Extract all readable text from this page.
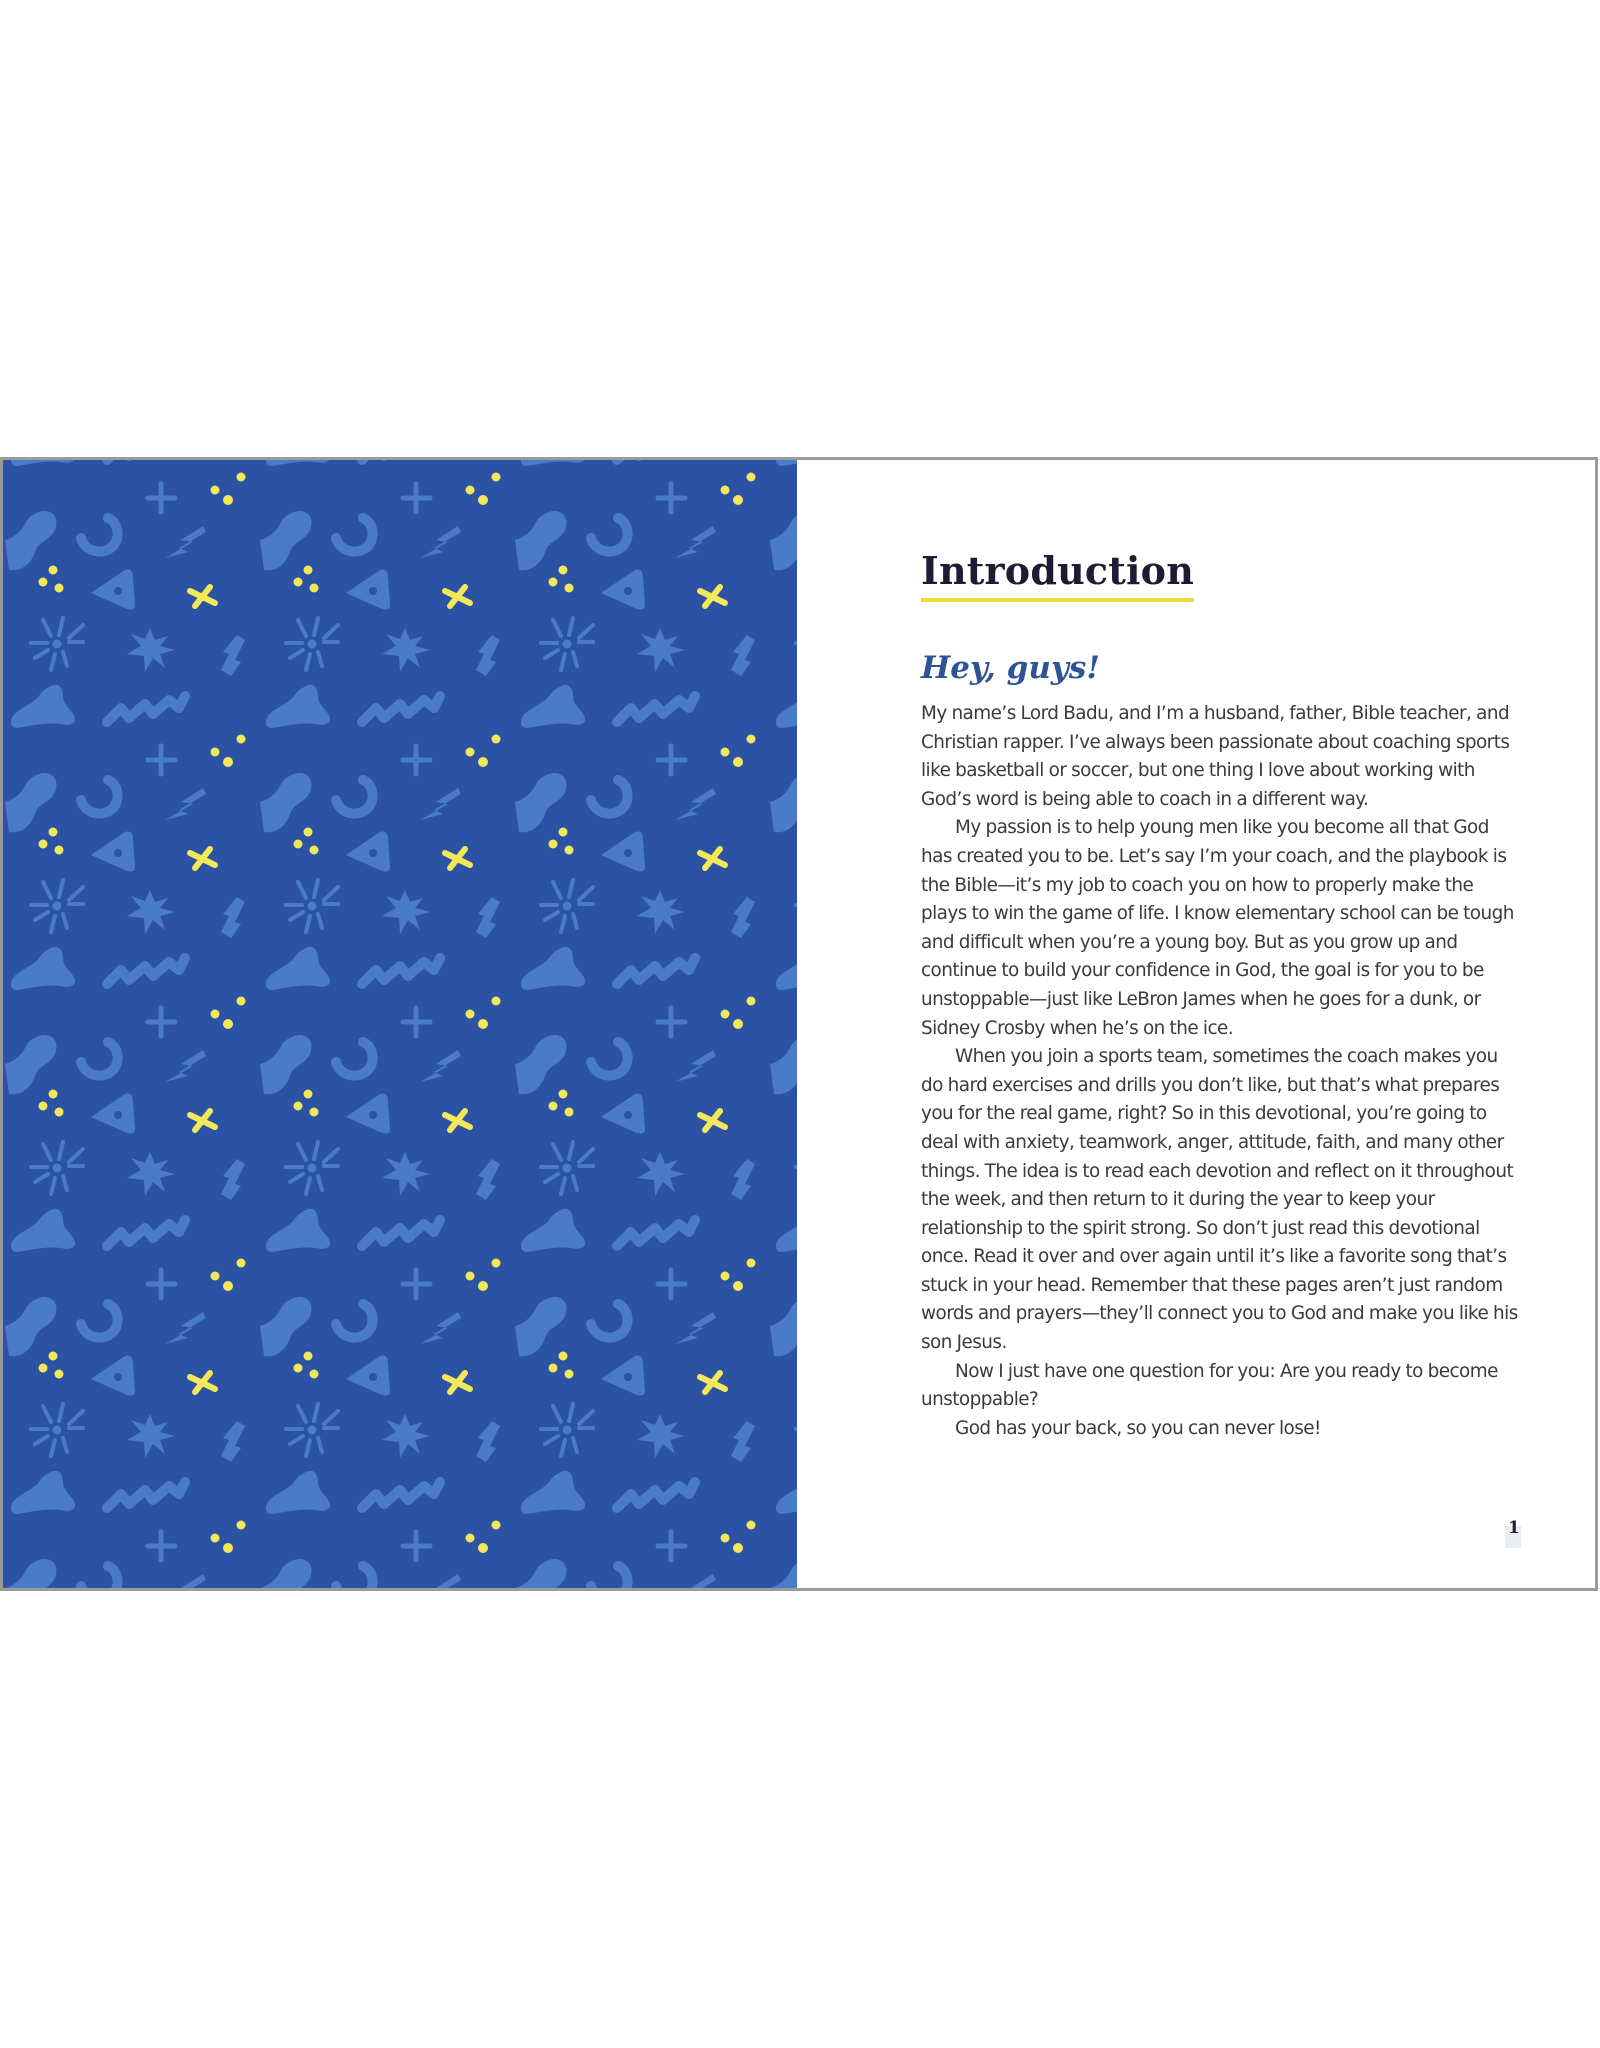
Introduction
Hey, guys!

My name’s Lord Badu, and I’m a husband, father, Bible teacher, and Christian rapper. I’ve always been passionate about coaching sports like basketball or soccer, but one thing I love about working with God’s word is being able to coach in a different way.

My passion is to help young men like you become all that God has created you to be. Let’s say I’m your coach, and the playbook is the Bible—it’s my job to coach you on how to properly make the plays to win the game of life. I know elementary school can be tough and difficult when you’re a young boy. But as you grow up and continue to build your confidence in God, the goal is for you to be unstoppable—just like LeBron James when he goes for a dunk, or Sidney Crosby when he’s on the ice.

When you join a sports team, sometimes the coach makes you do hard exercises and drills you don’t like, but that’s what prepares you for the real game, right? So in this devotional, you’re going to deal with anxiety, teamwork, anger, attitude, faith, and many other things. The idea is to read each devotion and reflect on it throughout the week, and then return to it during the year to keep your relationship to the spirit strong. So don’t just read this devotional once. Read it over and over again until it’s like a favorite song that’s stuck in your head. Remember that these pages aren’t just random words and prayers—they’ll connect you to God and make you like his son Jesus.

Now I just have one question for you: Are you ready to become unstoppable?

God has your back, so you can never lose!

1
